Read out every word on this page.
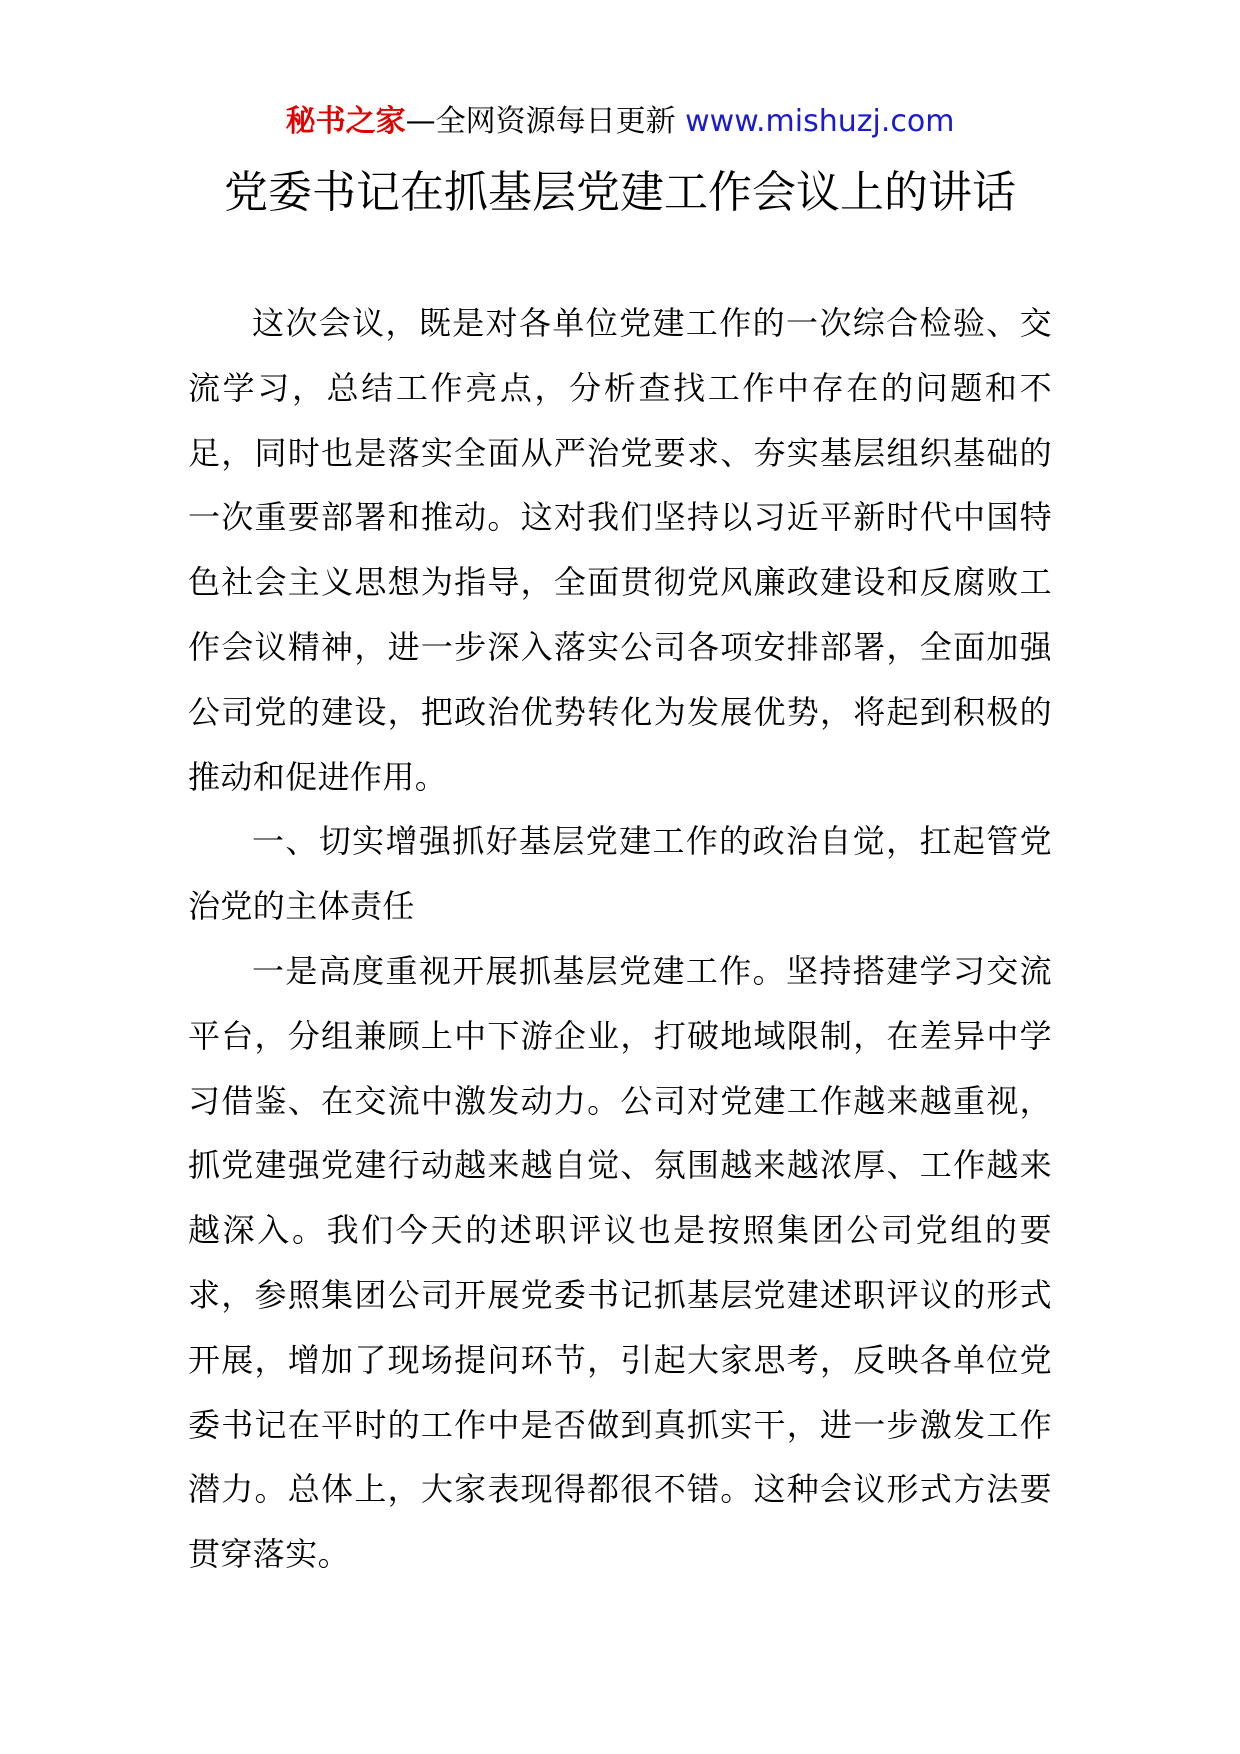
秘书之家—全网资源每日更新 www.mishuzj.com
党委书记在抓基层党建工作会议上的讲话

这次会议，既是对各单位党建工作的一次综合检验、交流学习，总结工作亮点，分析查找工作中存在的问题和不足，同时也是落实全面从严治党要求、夯实基层组织基础的一次重要部署和推动。这对我们坚持以习近平新时代中国特色社会主义思想为指导，全面贯彻党风廉政建设和反腐败工作会议精神，进一步深入落实公司各项安排部署，全面加强公司党的建设，把政治优势转化为发展优势，将起到积极的推动和促进作用。

一、切实增强抓好基层党建工作的政治自觉，扛起管党治党的主体责任

一是高度重视开展抓基层党建工作。坚持搭建学习交流平台，分组兼顾上中下游企业，打破地域限制，在差异中学习借鉴、在交流中激发动力。公司对党建工作越来越重视，抓党建强党建行动越来越自觉、氛围越来越浓厚、工作越来越深入。我们今天的述职评议也是按照集团公司党组的要求，参照集团公司开展党委书记抓基层党建述职评议的形式开展，增加了现场提问环节，引起大家思考，反映各单位党委书记在平时的工作中是否做到真抓实干，进一步激发工作潜力。总体上，大家表现得都很不错。这种会议形式方法要贯穿落实。
